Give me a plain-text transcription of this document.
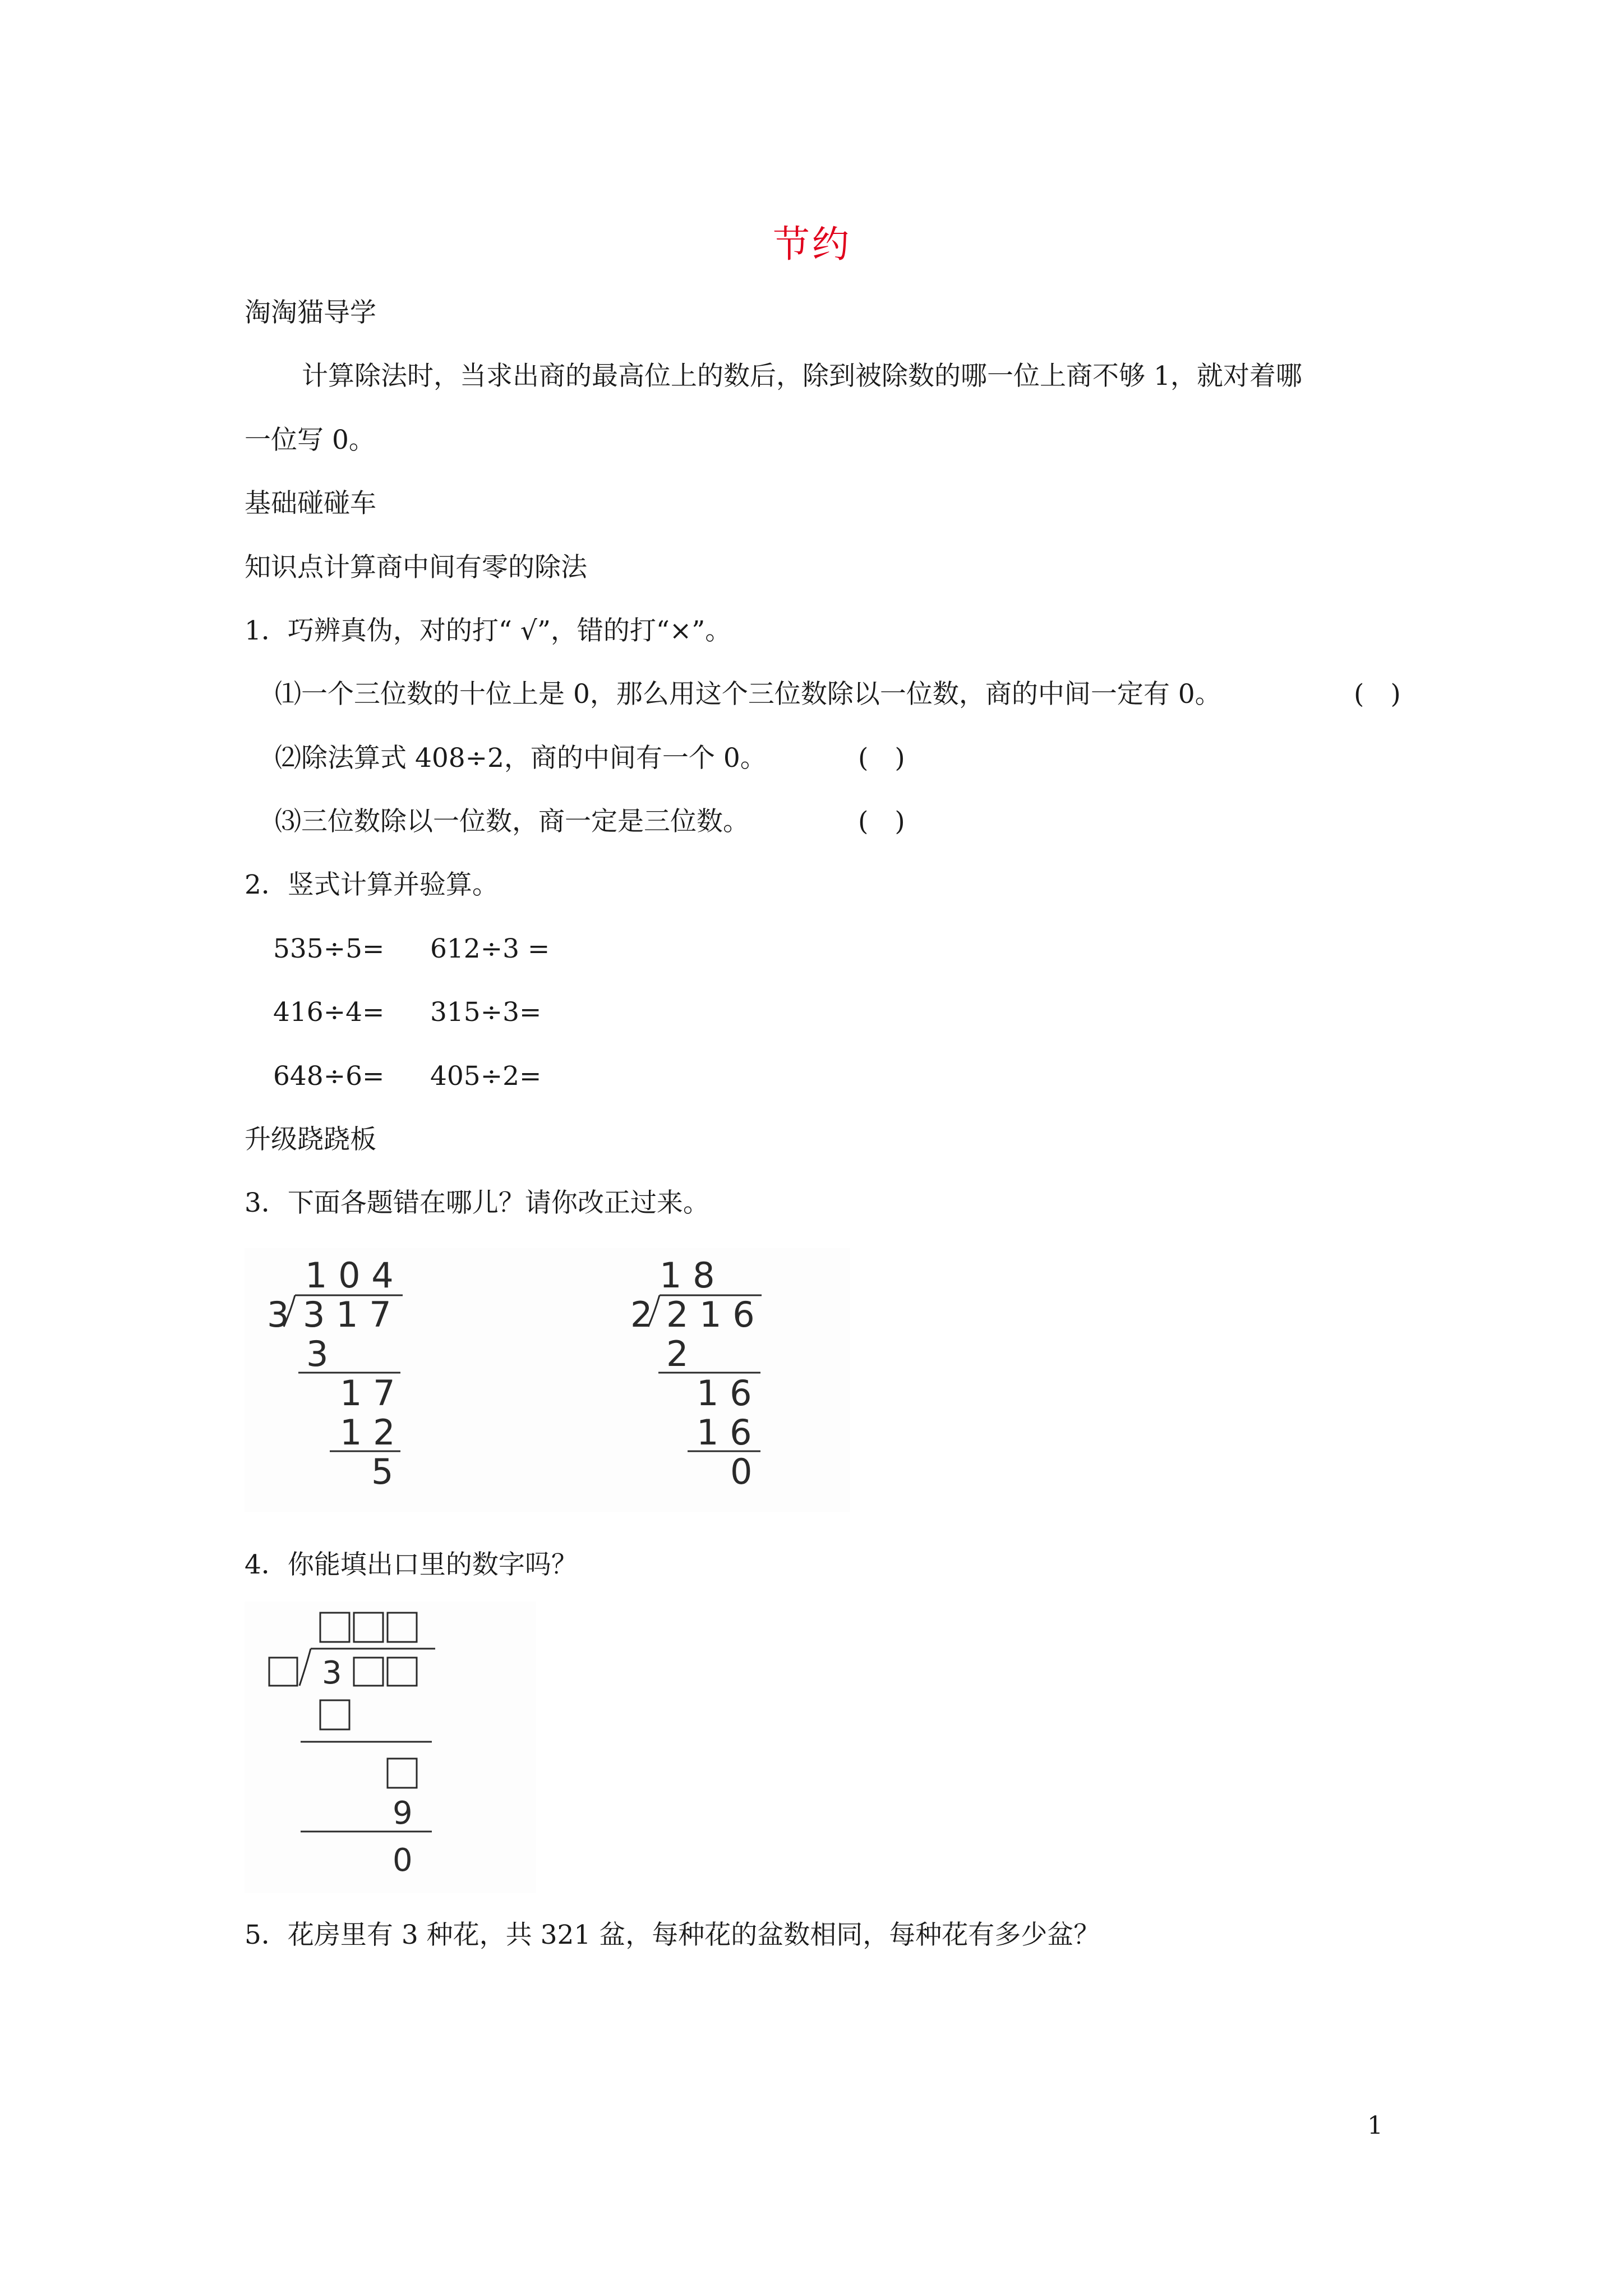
节约
淘淘猫导学
计算除法时，当求出商的最高位上的数后，除到被除数的哪一位上商不够 1，就对着哪
一位写 0。
基础碰碰车
知识点计算商中间有零的除法
1．巧辨真伪，对的打“ √”，错的打“×”。
⑴一个三位数的十位上是 0，那么用这个三位数除以一位数，商的中间一定有 0。	(　)
⑵除法算式 408÷2，商的中间有一个 0。	(　)
⑶三位数除以一位数，商一定是三位数。	(　)
2．竖式计算并验算。
535÷5= 612÷3 =
416÷4= 315÷3=
648÷6= 405÷2=
升级跷跷板
3．下面各题错在哪儿？请你改正过来。
1 0 4
3 3 1 7
3
1 7
1 2
5
1 8
2 2 1 6
2
1 6
1 6
0
4．你能填出口里的数字吗？
3
9
0
5．花房里有 3 种花，共 321 盆，每种花的盆数相同，每种花有多少盆？
1
